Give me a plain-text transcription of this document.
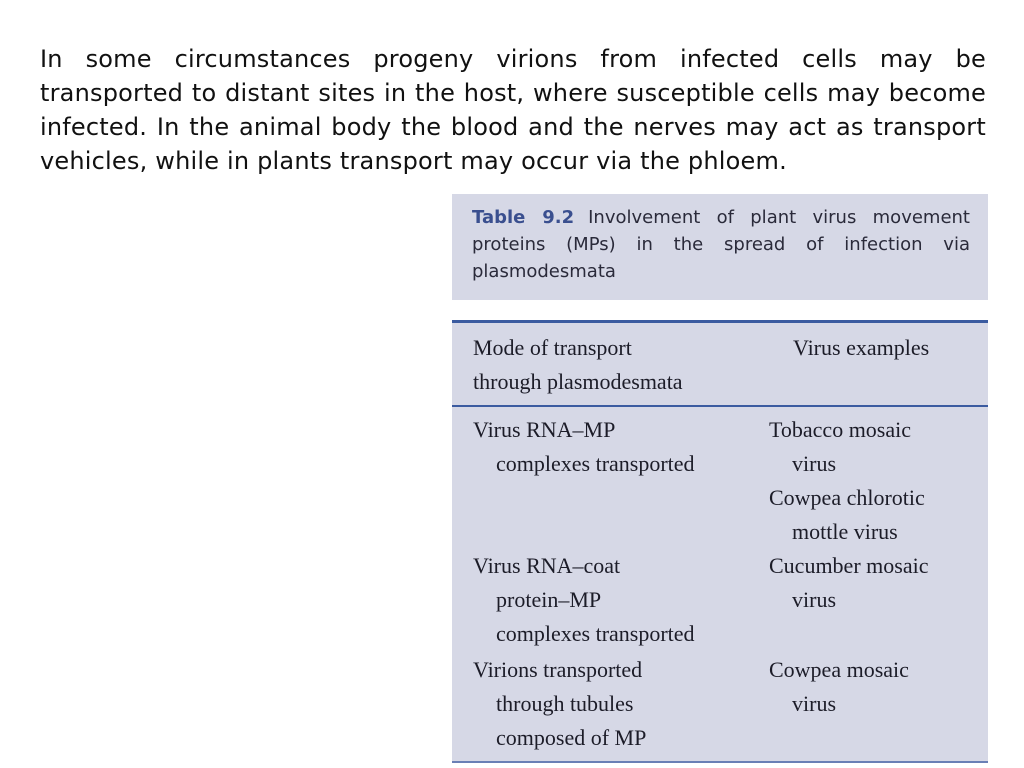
In some circumstances progeny virions from infected cells may be transported to distant sites in the host, where susceptible cells may become infected. In the animal body the blood and the nerves may act as transport vehicles, while in plants transport may occur via the phloem.

Table 9.2 Involvement of plant virus movement proteins (MPs) in the spread of infection via plasmodesmata
Mode of transport
through plasmodesmata
Virus examples
Virus RNA–MP
complexes transported
Tobacco mosaic
virus
Cowpea chlorotic
mottle virus
Virus RNA–coat
protein–MP
complexes transported
Cucumber mosaic
virus
Virions transported
through tubules
composed of MP
Cowpea mosaic
virus
